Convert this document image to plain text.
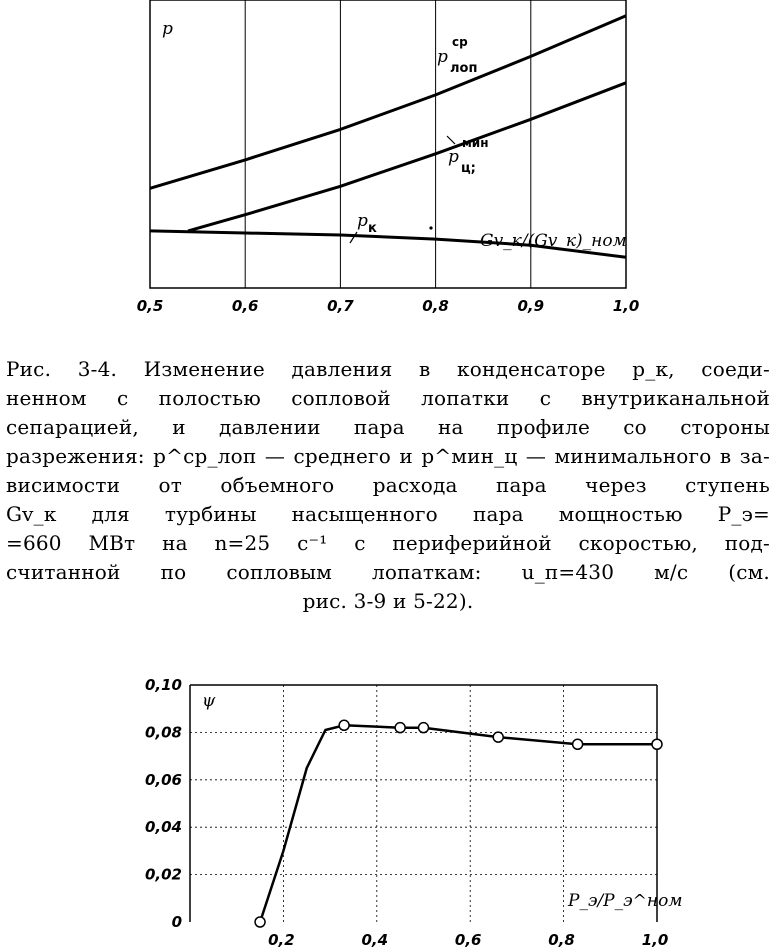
0,5	0,6	0,7	0,8	0,9	1,0
p
p
ср
лоп
p
мин
ц;
p к
Gv_к/(Gv_к)_ном
Рис. 3-4. Изменение давления в конденсаторе p_к, соеди-
ненном с полостью сопловой лопатки с внутриканальной
сепарацией, и давлении пара на профиле со стороны
разрежения: p^ср_лоп — среднего и p^мин_ц — минимального в за-
висимости от объемного расхода пара через ступень
Gv_к для турбины насыщенного пара мощностью P_э=
=660 МВт на n=25 с⁻¹ с периферийной скоростью, под-
считанной по сопловым лопаткам: u_п=430 м/с (см.
рис. 3-9 и 5-22).
0,10
0,08
0,06
0,04
0,02
0
0,2	0,4	0,6	0,8	1,0
ψ
P_э/P_э^ном
